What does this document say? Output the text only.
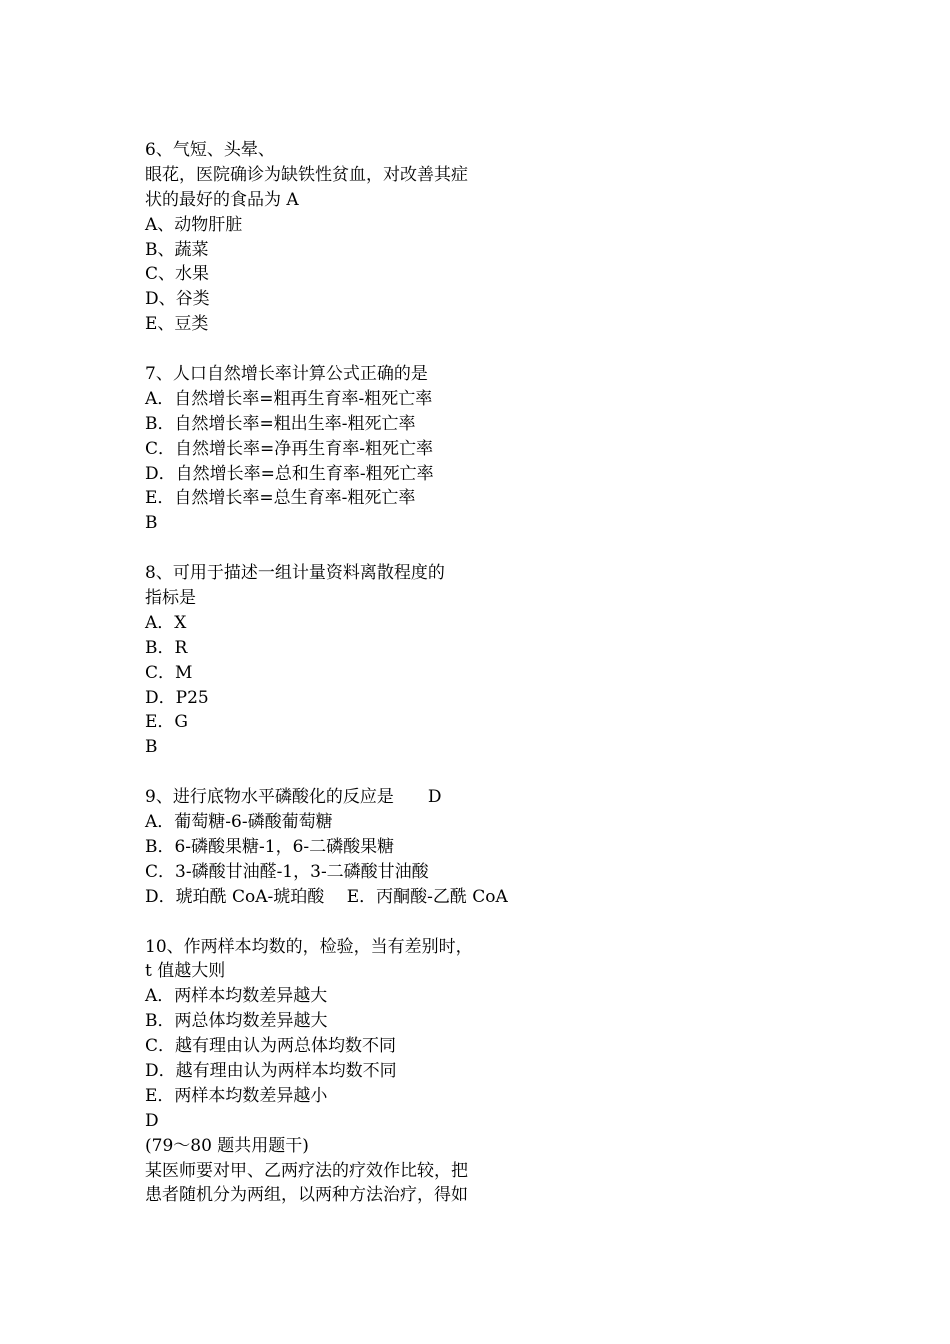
6、气短、头晕、
眼花，医院确诊为缺铁性贫血，对改善其症
状的最好的食品为 A
A、动物肝脏
B、蔬菜
C、水果
D、谷类
E、豆类
7、人口自然增长率计算公式正确的是
A．自然增长率=粗再生育率-粗死亡率
B．自然增长率=粗出生率-粗死亡率
C．自然增长率=净再生育率-粗死亡率
D．自然增长率=总和生育率-粗死亡率
E．自然增长率=总生育率-粗死亡率
B
8、可用于描述一组计量资料离散程度的
指标是
A．X
B．R
C．M
D．P25
E．G
B
9、进行底物水平磷酸化的反应是　　D
A．葡萄糖-6-磷酸葡萄糖
B．6-磷酸果糖-1，6-二磷酸果糖
C．3-磷酸甘油醛-1，3-二磷酸甘油酸
D．琥珀酰 CoA-琥珀酸　 E．丙酮酸-乙酰 CoA
10、作两样本均数的，检验，当有差别时，
t 值越大则
A．两样本均数差异越大
B．两总体均数差异越大
C．越有理由认为两总体均数不同
D．越有理由认为两样本均数不同
E．两样本均数差异越小
D
(79～80 题共用题干)
某医师要对甲、乙两疗法的疗效作比较，把
患者随机分为两组，以两种方法治疗，得如
